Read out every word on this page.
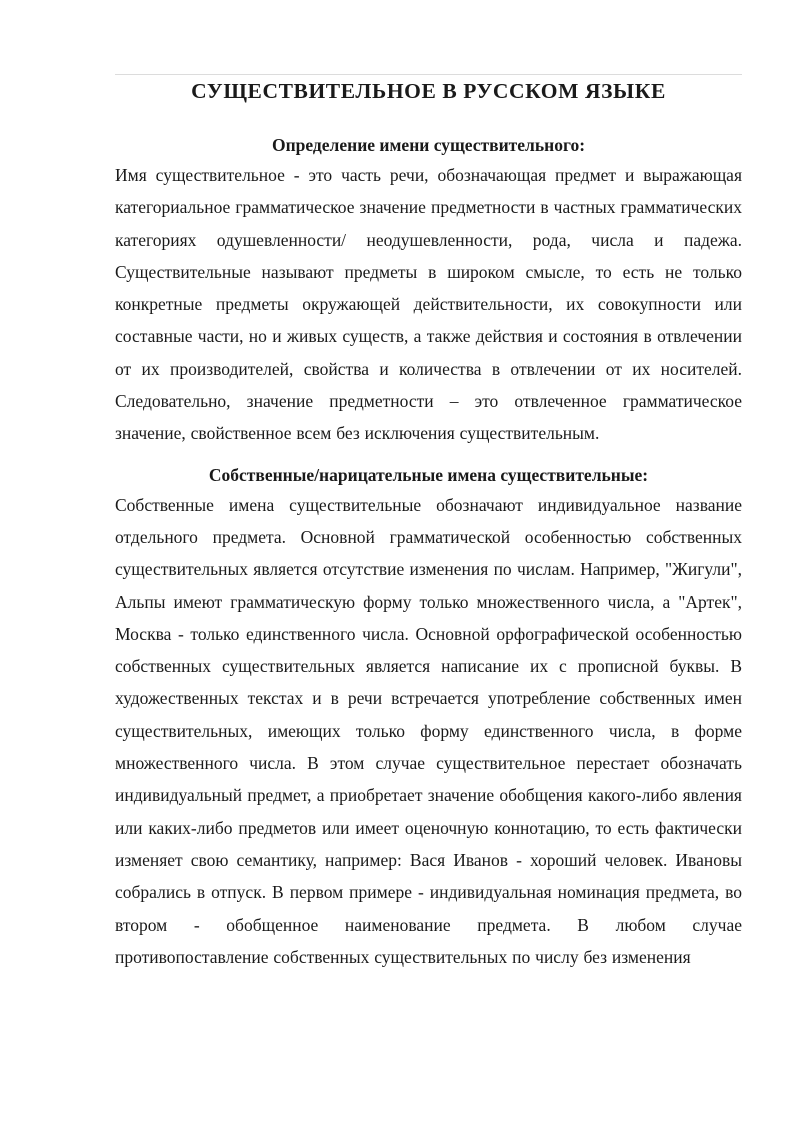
СУЩЕСТВИТЕЛЬНОЕ В РУССКОМ ЯЗЫКЕ
Определение имени существительного:

Имя существительное - это часть речи, обозначающая предмет и выражающая категориальное грамматическое значение предметности в частных грамматических категориях одушевленности/ неодушевленности, рода, числа и падежа. Существительные называют предметы в широком смысле, то есть не только конкретные предметы окружающей действительности, их совокупности или составные части, но и живых существ, а также действия и состояния в отвлечении от их производителей, свойства и количества в отвлечении от их носителей. Следовательно, значение предметности – это отвлеченное грамматическое значение, свойственное всем без исключения существительным.

Собственные/нарицательные имена существительные:

Собственные имена существительные обозначают индивидуальное название отдельного предмета. Основной грамматической особенностью собственных существительных является отсутствие изменения по числам. Например, "Жигули", Альпы имеют грамматическую форму только множественного числа, а "Артек", Москва - только единственного числа. Основной орфографической особенностью собственных существительных является написание их с прописной буквы. В художественных текстах и в речи встречается употребление собственных имен существительных, имеющих только форму единственного числа, в форме множественного числа. В этом случае существительное перестает обозначать индивидуальный предмет, а приобретает значение обобщения какого-либо явления или каких-либо предметов или имеет оценочную коннотацию, то есть фактически изменяет свою семантику, например: Вася Иванов - хороший человек. Ивановы собрались в отпуск. В первом примере - индивидуальная номинация предмета, во втором - обобщенное наименование предмета. В любом случае противопоставление собственных существительных по числу без изменения
